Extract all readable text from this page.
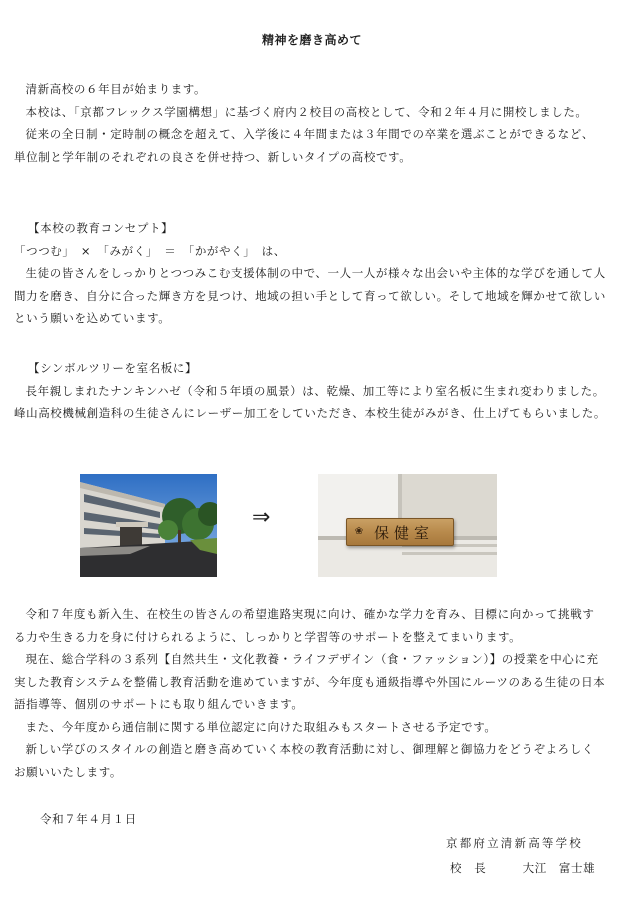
精神を磨き高めて

清新高校の６年目が始まります。

本校は、「京都フレックス学園構想」に基づく府内２校目の高校として、令和２年４月に開校しました。

従来の全日制・定時制の概念を超えて、入学後に４年間または３年間での卒業を選ぶことができるなど、単位制と学年制のそれぞれの良さを併せ持つ、新しいタイプの高校です。

【本校の教育コンセプト】

「つつむ」　×　「みがく」　＝　「かがやく」　は、

生徒の皆さんをしっかりとつつみこむ支援体制の中で、一人一人が様々な出会いや主体的な学びを通して人間力を磨き、自分に合った輝き方を見つけ、地域の担い手として育って欲しい。そして地域を輝かせて欲しいという願いを込めています。

【シンボルツリーを室名板に】

長年親しまれたナンキンハゼ（令和５年頃の風景）は、乾燥、加工等により室名板に生まれ変わりました。峰山高校機械創造科の生徒さんにレーザー加工をしていただき、本校生徒がみがき、仕上げてもらいました。

⇒
❀ 保健室

令和７年度も新入生、在校生の皆さんの希望進路実現に向け、確かな学力を育み、目標に向かって挑戦する力や生きる力を身に付けられるように、しっかりと学習等のサポートを整えてまいります。

現在、総合学科の３系列【自然共生・文化教養・ライフデザイン（食・ファッション）】の授業を中心に充実した教育システムを整備し教育活動を進めていますが、今年度も通級指導や外国にルーツのある生徒の日本語指導等、個別のサポートにも取り組んでいきます。

また、今年度から通信制に関する単位認定に向けた取組みもスタートさせる予定です。

新しい学びのスタイルの創造と磨き高めていく本校の教育活動に対し、御理解と御協力をどうぞよろしくお願いいたします。

令和７年４月１日
京都府立清新高等学校
校　長　　　大江　富士雄
